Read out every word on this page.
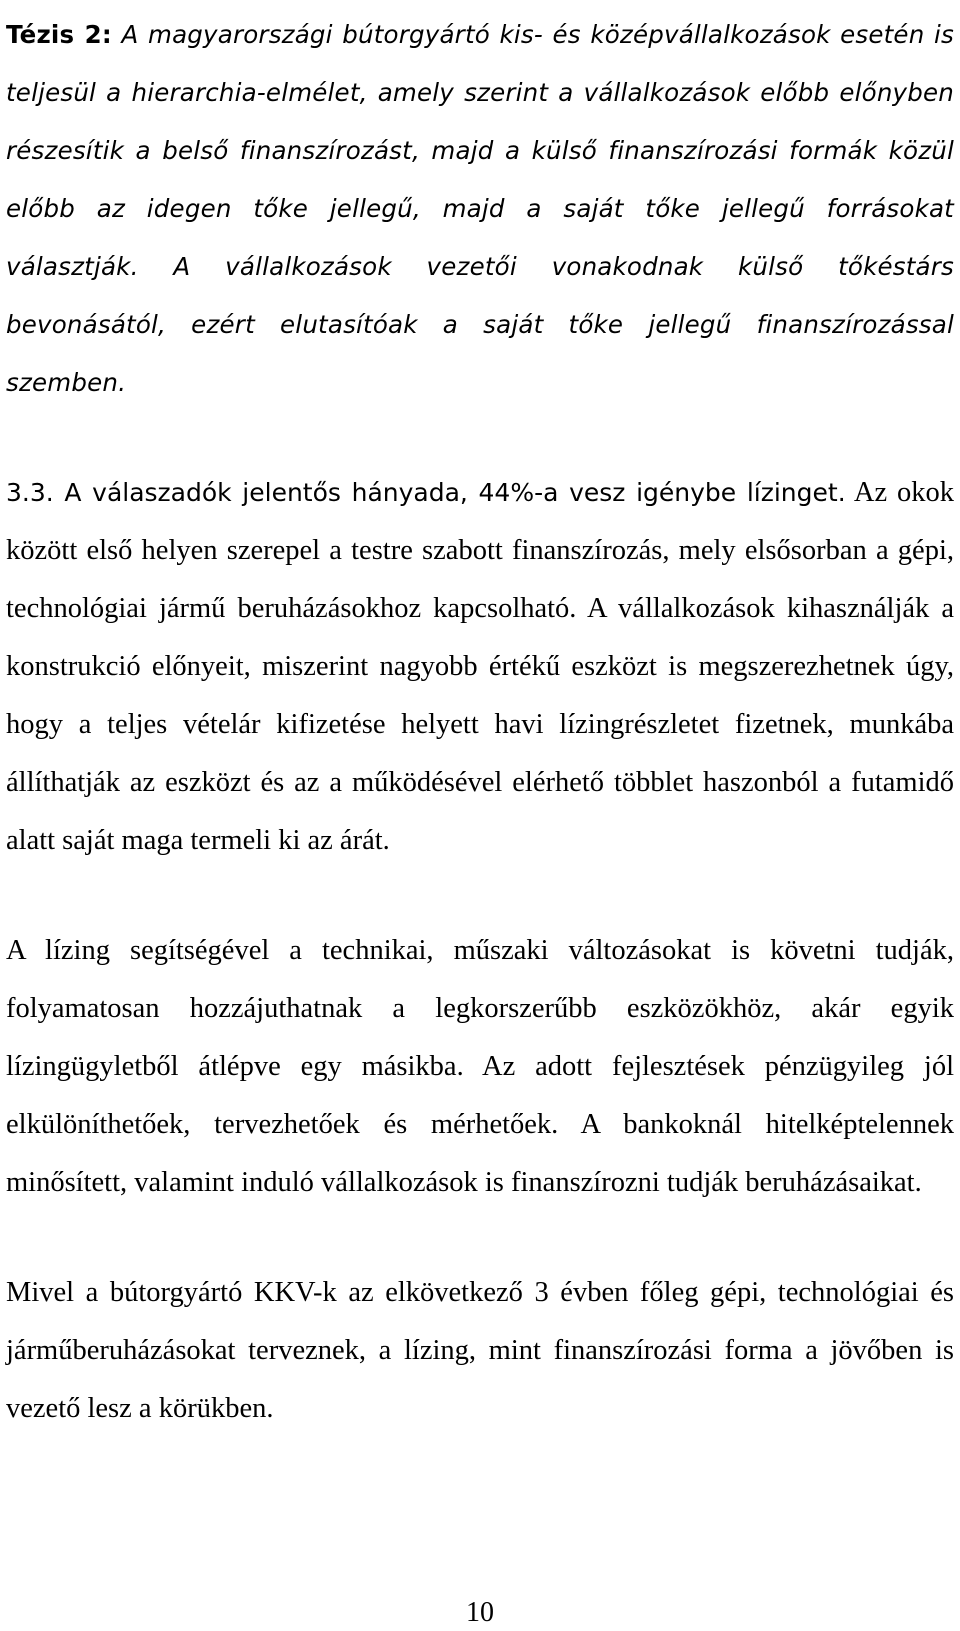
Tézis 2: A magyarországi bútorgyártó kis- és középvállalkozások esetén is teljesül a hierarchia-elmélet, amely szerint a vállalkozások előbb előnyben részesítik a belső finanszírozást, majd a külső finanszírozási formák közül előbb az idegen tőke jellegű, majd a saját tőke jellegű forrásokat választják. A vállalkozások vezetői vonakodnak külső tőkéstárs bevonásától, ezért elutasítóak a saját tőke jellegű finanszírozással szemben.

3.3. A válaszadók jelentős hányada, 44%-a vesz igénybe lízinget. Az okok között első helyen szerepel a testre szabott finanszírozás, mely elsősorban a gépi, technológiai jármű beruházásokhoz kapcsolható. A vállalkozások kihasználják a konstrukció előnyeit, miszerint nagyobb értékű eszközt is megszerezhetnek úgy, hogy a teljes vételár kifizetése helyett havi lízingrészletet fizetnek, munkába állíthatják az eszközt és az a működésével elérhető többlet haszonból a futamidő alatt saját maga termeli ki az árát.

A lízing segítségével a technikai, műszaki változásokat is követni tudják, folyamatosan hozzájuthatnak a legkorszerűbb eszközökhöz, akár egyik lízingügyletből átlépve egy másikba. Az adott fejlesztések pénzügyileg jól elkülöníthetőek, tervezhetőek és mérhetőek. A bankoknál hitelképtelennek minősített, valamint induló vállalkozások is finanszírozni tudják beruházásaikat.

Mivel a bútorgyártó KKV-k az elkövetkező 3 évben főleg gépi, technológiai és járműberuházásokat terveznek, a lízing, mint finanszírozási forma a jövőben is vezető lesz a körükben.

10
